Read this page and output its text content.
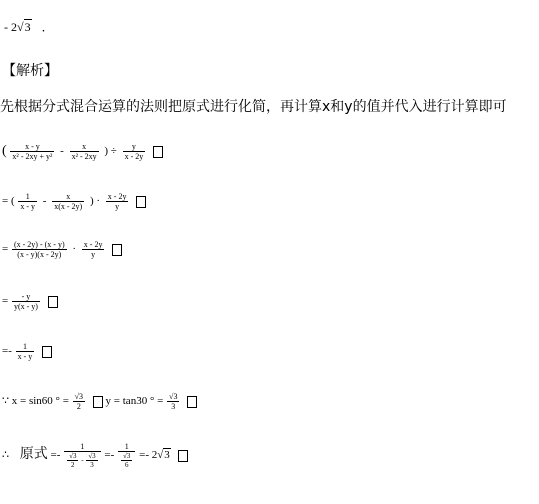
- 2√3 ．
【解析】
先根据分式混合运算的法则把原式进行化简，再计算x和y的值并代入进行计算即可
( $\frac{x - y}{\text{x² - 2xy + y²}} - \frac{x}{\text{x² - 2xy}}$ ) ÷ $\frac{y}{x - 2y}$

= ( $\frac{1}{x - y} - \frac{x}{x(x - 2y)}$ ) · $\frac{x - 2y}{y}$

= $\frac{(x - 2y) - (x - y)}{(x - y)(x - 2y)} \cdot \frac{x - 2y}{y}$

= $\frac{- y}{y(x - y)}$

=- $\frac{1}{x - y}$

∵ x = sin60 ° = $\frac{√3}{2}$ y = tan30 ° = $\frac{√3}{3}$

∴ 原式 =- $\frac{1}{\frac{√3}{2} - \frac{√3}{3}} =- \frac{1}{\frac{√3}{6}} =- 2√3$
